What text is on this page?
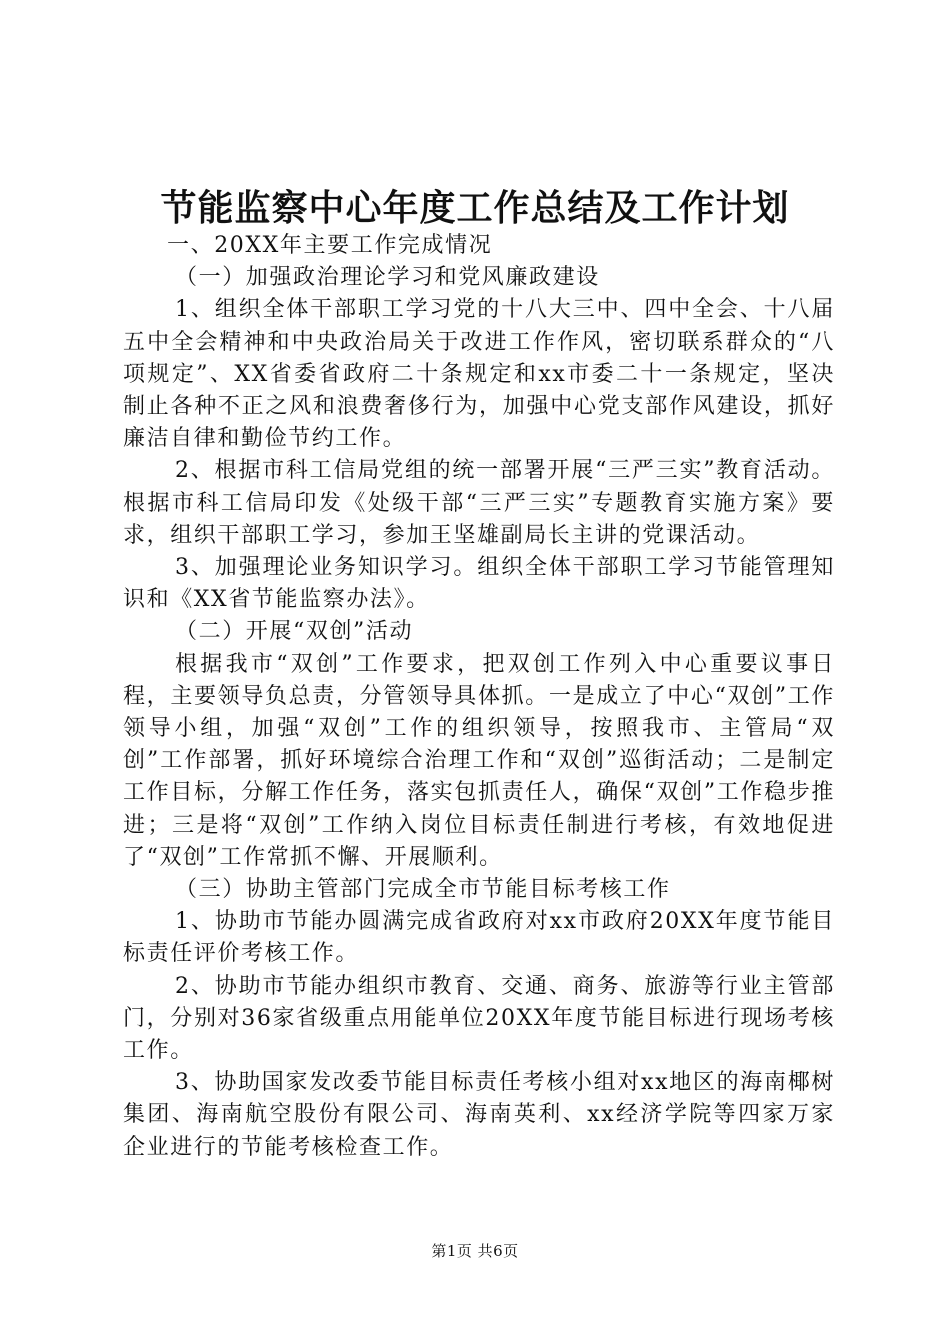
节能监察中心年度工作总结及工作计划

一、20XX年主要工作完成情况

（一）加强政治理论学习和党风廉政建设

1、组织全体干部职工学习党的十八大三中、四中全会、十八届五中全会精神和中央政治局关于改进工作作风，密切联系群众的“八项规定”、XX省委省政府二十条规定和xx市委二十一条规定，坚决制止各种不正之风和浪费奢侈行为，加强中心党支部作风建设，抓好廉洁自律和勤俭节约工作。

2、根据市科工信局党组的统一部署开展“三严三实”教育活动。根据市科工信局印发《处级干部“三严三实”专题教育实施方案》要求，组织干部职工学习，参加王坚雄副局长主讲的党课活动。

3、加强理论业务知识学习。组织全体干部职工学习节能管理知识和《XX省节能监察办法》。

（二）开展“双创”活动

根据我市“双创”工作要求，把双创工作列入中心重要议事日程，主要领导负总责，分管领导具体抓。一是成立了中心“双创”工作领导小组，加强“双创”工作的组织领导，按照我市、主管局“双创”工作部署，抓好环境综合治理工作和“双创”巡街活动；二是制定工作目标，分解工作任务，落实包抓责任人，确保“双创”工作稳步推进；三是将“双创”工作纳入岗位目标责任制进行考核，有效地促进了“双创”工作常抓不懈、开展顺利。

（三）协助主管部门完成全市节能目标考核工作

1、协助市节能办圆满完成省政府对xx市政府20XX年度节能目标责任评价考核工作。

2、协助市节能办组织市教育、交通、商务、旅游等行业主管部门，分别对36家省级重点用能单位20XX年度节能目标进行现场考核工作。

3、协助国家发改委节能目标责任考核小组对xx地区的海南椰树集团、海南航空股份有限公司、海南英利、xx经济学院等四家万家企业进行的节能考核检查工作。

第1页 共6页
